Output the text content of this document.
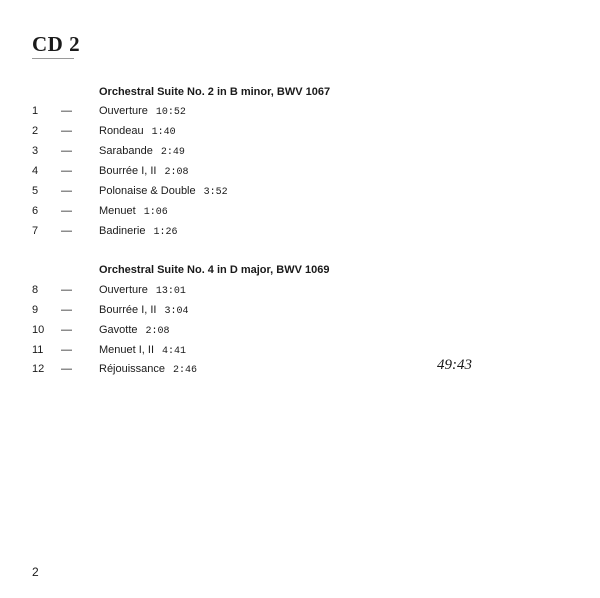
CD 2
Orchestral Suite No. 2 in B minor, BWV 1067
1 — Ouverture 10:52
2 — Rondeau 1:40
3 — Sarabande 2:49
4 — Bourrée I, II 2:08
5 — Polonaise & Double 3:52
6 — Menuet 1:06
7 — Badinerie 1:26
Orchestral Suite No. 4 in D major, BWV 1069
8 — Ouverture 13:01
9 — Bourrée I, II 3:04
10 — Gavotte 2:08
11 — Menuet I, II 4:41
12 — Réjouissance 2:46	49:43
2
